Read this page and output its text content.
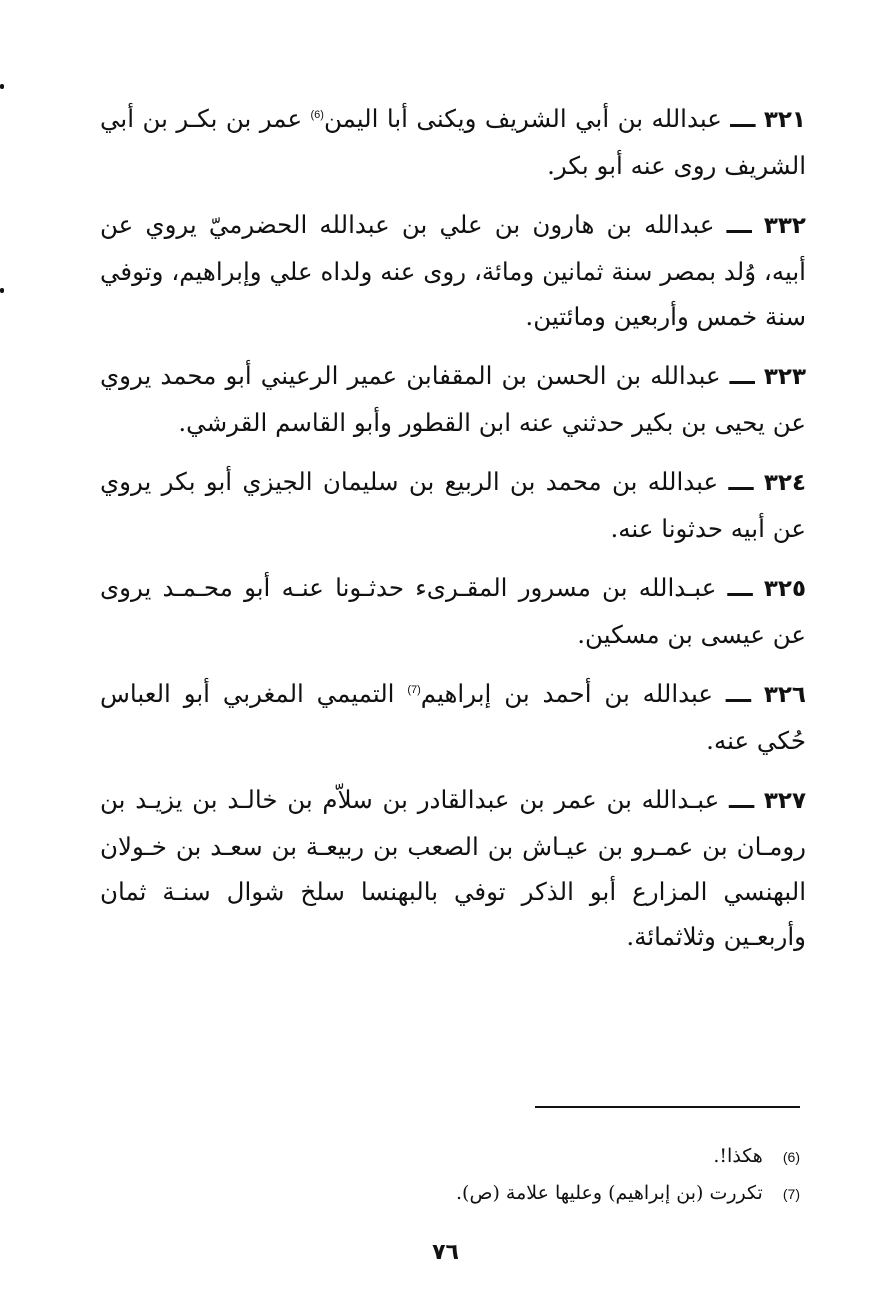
٣٢١ ـــ عبدالله بن أبي الشريف ويكنى أبا اليمن$^{(6)}$ عمر بن بكـر بن أبي الشريف روى عنه أبو بكر.

٣٣٢ ـــ عبدالله بن هارون بن علي بن عبدالله الحضرميّ يروي عن أبيه، وُلد بمصر سنة ثمانين ومائة، روى عنه ولداه علي وإبراهيم، وتوفي سنة خمس وأربعين ومائتين.

٣٢٣ ـــ عبدالله بن الحسن بن المقفابن عمير الرعيني أبو محمد يروي عن يحيى بن بكير حدثني عنه ابن القطور وأبو القاسم القرشي.

٣٢٤ ـــ عبدالله بن محمد بن الربيع بن سليمان الجيزي أبو بكر يروي عن أبيه حدثونا عنه.

٣٢٥ ـــ عبـدالله بن مسرور المقـرىء حدثـونا عنـه أبو محـمـد يروى عن عيسى بن مسكين.

٣٢٦ ـــ عبدالله بن أحمد بن إبراهيم$^{(7)}$ التميمي المغربي أبو العباس حُكي عنه.

٣٢٧ ـــ عبـدالله بن عمر بن عبدالقادر بن سلاّم بن خالـد بن يزيـد بن رومـان بن عمـرو بن عيـاش بن الصعب بن ربيعـة بن سعـد بن خـولان البهنسي المزارع أبو الذكر توفي بالبهنسا سلخ شوال سنـة ثمان وأربعـين وثلاثمائة.

(6) هكذا!.

(7) تكررت (بن إبراهيم) وعليها علامة (ص).

٧٦
